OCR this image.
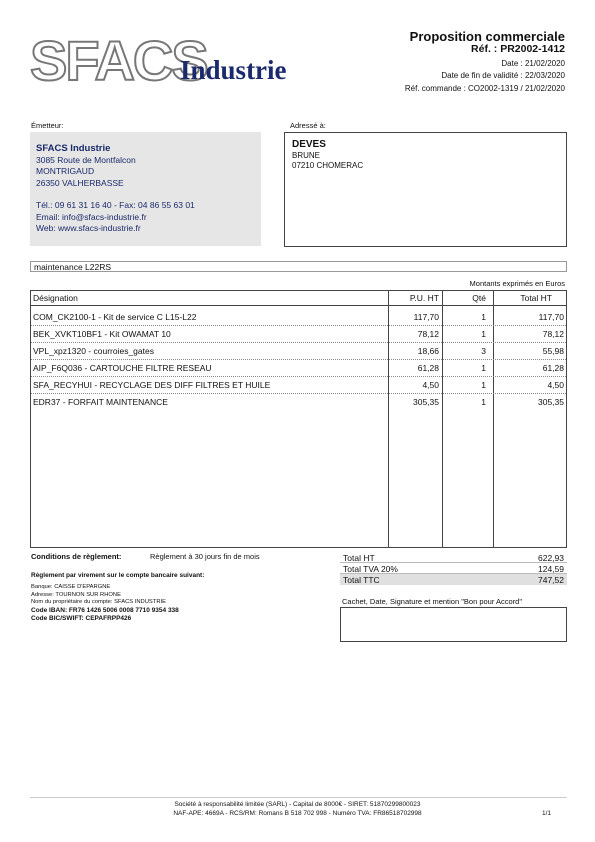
SFACS
Industrie
Proposition commerciale
Réf. : PR2002-1412
Date : 21/02/2020
Date de fin de validité : 22/03/2020
Réf. commande : CO2002-1319 / 21/02/2020
Émetteur:
SFACS Industrie
3085 Route de Montfalcon
MONTRIGAUD
26350 VALHERBASSE
Tél.: 09 61 31 16 40 - Fax: 04 86 55 63 01
Email: info@sfacs-industrie.fr
Web: www.sfacs-industrie.fr
Adressé à:
DEVES
BRUNE
07210 CHOMERAC
maintenance L22RS
Montants exprimés en Euros
Désignation	P.U. HT	Qté	Total HT
COM_CK2100-1 - Kit de service C L15-L22	117,70	1	117,70
BEK_XVKT10BF1 - Kit OWAMAT 10	78,12	1	78,12
VPL_xpz1320 - courroies_gates	18,66	3	55,98
AIP_F6Q036 - CARTOUCHE FILTRE RESEAU	61,28	1	61,28
SFA_RECYHUI - RECYCLAGE DES DIFF FILTRES ET HUILE	4,50	1	4,50
EDR37 - FORFAIT MAINTENANCE	305,35	1	305,35
Conditions de règlement:	Règlement à 30 jours fin de mois
Règlement par virement sur le compte bancaire suivant:
Banque: CAISSE D'EPARGNE
Adresse: TOURNON SUR RHONE
Nom du propriétaire du compte: SFACS INDUSTRIE
Code IBAN: FR76 1426 5006 0008 7710 9354 338
Code BIC/SWIFT: CEPAFRPP426
Total HT	622,93
Total TVA 20%	124,59
Total TTC	747,52
Cachet, Date, Signature et mention "Bon pour Accord"
Société à responsabilité limitée (SARL) - Capital de 8000€ - SIRET: 51870299800023
NAF-APE: 4669A - RCS/RM: Romans B 518 702 998 - Numéro TVA: FR86518702998	1/1
